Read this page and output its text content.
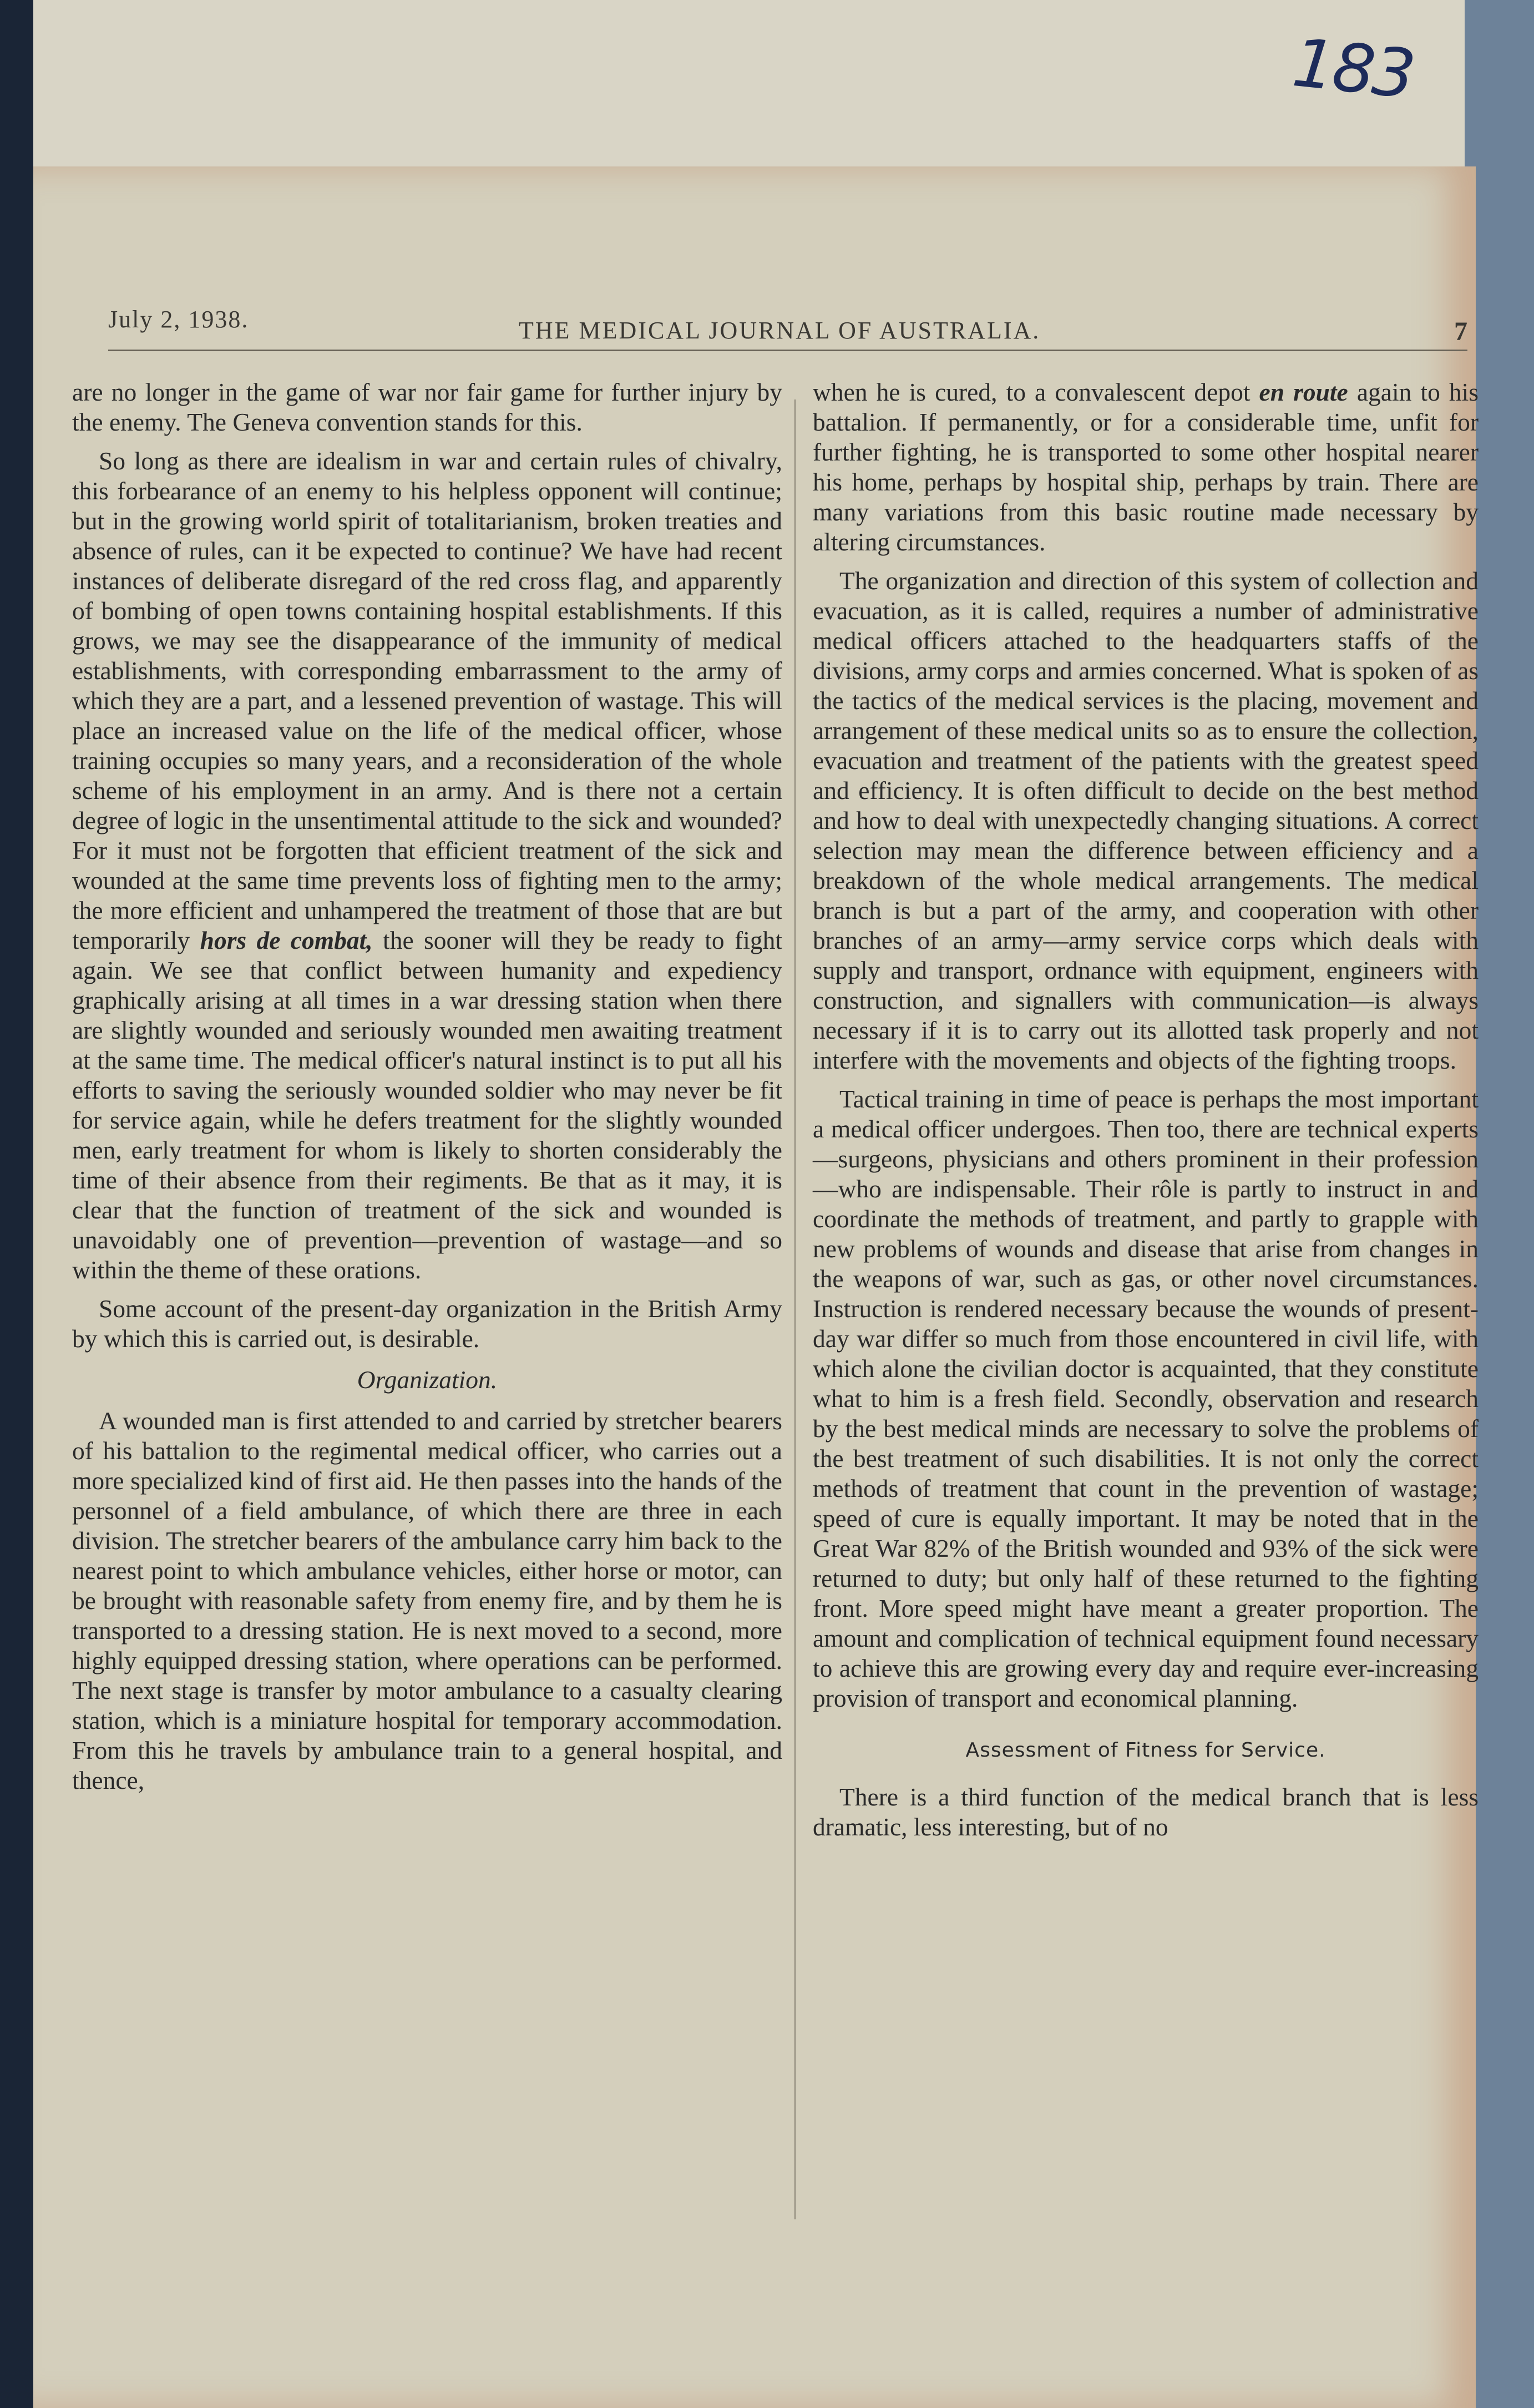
183
July 2, 1938.	THE MEDICAL JOURNAL OF AUSTRALIA.	7

are no longer in the game of war nor fair game for further injury by the enemy. The Geneva convention stands for this.

So long as there are idealism in war and certain rules of chivalry, this forbearance of an enemy to his helpless opponent will continue; but in the growing world spirit of totalitarianism, broken treaties and absence of rules, can it be expected to continue? We have had recent instances of deliberate disregard of the red cross flag, and apparently of bombing of open towns containing hospital establishments. If this grows, we may see the disappearance of the immunity of medical establishments, with corresponding embarrassment to the army of which they are a part, and a lessened prevention of wastage. This will place an increased value on the life of the medical officer, whose training occupies so many years, and a reconsideration of the whole scheme of his employment in an army. And is there not a certain degree of logic in the unsentimental attitude to the sick and wounded? For it must not be forgotten that efficient treatment of the sick and wounded at the same time prevents loss of fighting men to the army; the more efficient and unhampered the treatment of those that are but temporarily hors de combat, the sooner will they be ready to fight again. We see that conflict between humanity and expediency graphically arising at all times in a war dressing station when there are slightly wounded and seriously wounded men awaiting treatment at the same time. The medical officer's natural instinct is to put all his efforts to saving the seriously wounded soldier who may never be fit for service again, while he defers treatment for the slightly wounded men, early treatment for whom is likely to shorten considerably the time of their absence from their regiments. Be that as it may, it is clear that the function of treatment of the sick and wounded is unavoidably one of prevention—prevention of wastage—and so within the theme of these orations.

Some account of the present-day organization in the British Army by which this is carried out, is desirable.

Organization.

A wounded man is first attended to and carried by stretcher bearers of his battalion to the regimental medical officer, who carries out a more specialized kind of first aid. He then passes into the hands of the personnel of a field ambulance, of which there are three in each division. The stretcher bearers of the ambulance carry him back to the nearest point to which ambulance vehicles, either horse or motor, can be brought with reasonable safety from enemy fire, and by them he is transported to a dressing station. He is next moved to a second, more highly equipped dressing station, where operations can be performed. The next stage is transfer by motor ambulance to a casualty clearing station, which is a miniature hospital for temporary accommodation. From this he travels by ambulance train to a general hospital, and thence,

when he is cured, to a convalescent depot en route again to his battalion. If permanently, or for a considerable time, unfit for further fighting, he is transported to some other hospital nearer his home, perhaps by hospital ship, perhaps by train. There are many variations from this basic routine made necessary by altering circumstances.

The organization and direction of this system of collection and evacuation, as it is called, requires a number of administrative medical officers attached to the headquarters staffs of the divisions, army corps and armies concerned. What is spoken of as the tactics of the medical services is the placing, movement and arrangement of these medical units so as to ensure the collection, evacuation and treatment of the patients with the greatest speed and efficiency. It is often difficult to decide on the best method and how to deal with unexpectedly changing situations. A correct selection may mean the difference between efficiency and a breakdown of the whole medical arrangements. The medical branch is but a part of the army, and cooperation with other branches of an army—army service corps which deals with supply and transport, ordnance with equipment, engineers with construction, and signallers with communication—is always necessary if it is to carry out its allotted task properly and not interfere with the movements and objects of the fighting troops.

Tactical training in time of peace is perhaps the most important a medical officer undergoes. Then too, there are technical experts—surgeons, physicians and others prominent in their profession—who are indispensable. Their rôle is partly to instruct in and coordinate the methods of treatment, and partly to grapple with new problems of wounds and disease that arise from changes in the weapons of war, such as gas, or other novel circumstances. Instruction is rendered necessary because the wounds of present-day war differ so much from those encountered in civil life, with which alone the civilian doctor is acquainted, that they constitute what to him is a fresh field. Secondly, observation and research by the best medical minds are necessary to solve the problems of the best treatment of such disabilities. It is not only the correct methods of treatment that count in the prevention of wastage; speed of cure is equally important. It may be noted that in the Great War 82% of the British wounded and 93% of the sick were returned to duty; but only half of these returned to the fighting front. More speed might have meant a greater proportion. The amount and complication of technical equipment found necessary to achieve this are growing every day and require ever-increasing provision of transport and economical planning.

Assessment of Fitness for Service.

There is a third function of the medical branch that is less dramatic, less interesting, but of no
